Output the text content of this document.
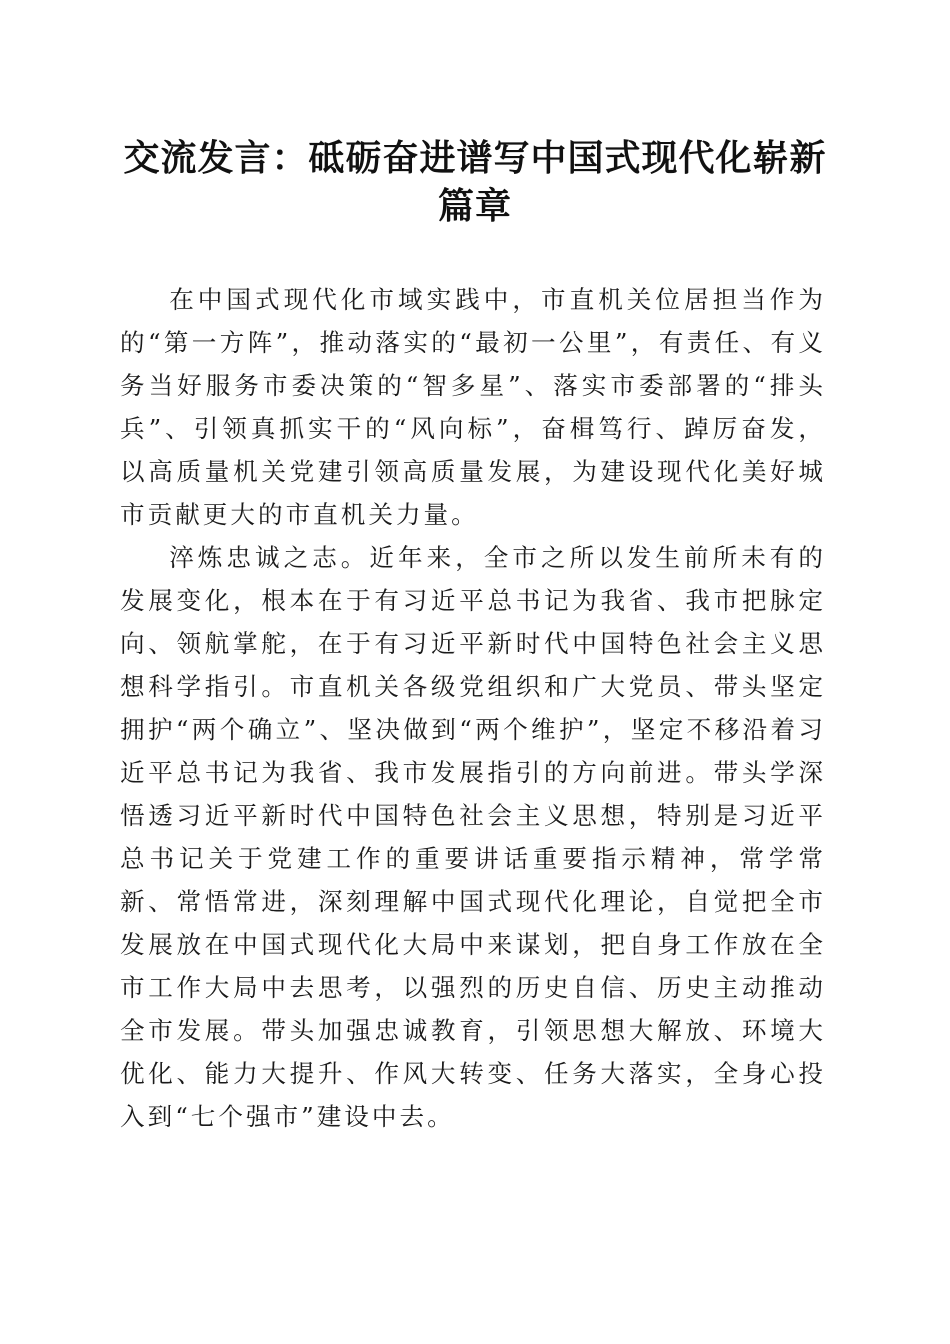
交流发言：砥砺奋进谱写中国式现代化崭新篇章

在中国式现代化市域实践中，市直机关位居担当作为的“第一方阵”，推动落实的“最初一公里”，有责任、有义务当好服务市委决策的“智多星”、落实市委部署的“排头兵”、引领真抓实干的“风向标”，奋楫笃行、踔厉奋发，以高质量机关党建引领高质量发展，为建设现代化美好城市贡献更大的市直机关力量。

淬炼忠诚之志。近年来，全市之所以发生前所未有的发展变化，根本在于有习近平总书记为我省、我市把脉定向、领航掌舵，在于有习近平新时代中国特色社会主义思想科学指引。市直机关各级党组织和广大党员、带头坚定拥护“两个确立”、坚决做到“两个维护”，坚定不移沿着习近平总书记为我省、我市发展指引的方向前进。带头学深悟透习近平新时代中国特色社会主义思想，特别是习近平总书记关于党建工作的重要讲话重要指示精神，常学常新、常悟常进，深刻理解中国式现代化理论，自觉把全市发展放在中国式现代化大局中来谋划，把自身工作放在全市工作大局中去思考，以强烈的历史自信、历史主动推动全市发展。带头加强忠诚教育，引领思想大解放、环境大优化、能力大提升、作风大转变、任务大落实，全身心投入到“七个强市”建设中去。
